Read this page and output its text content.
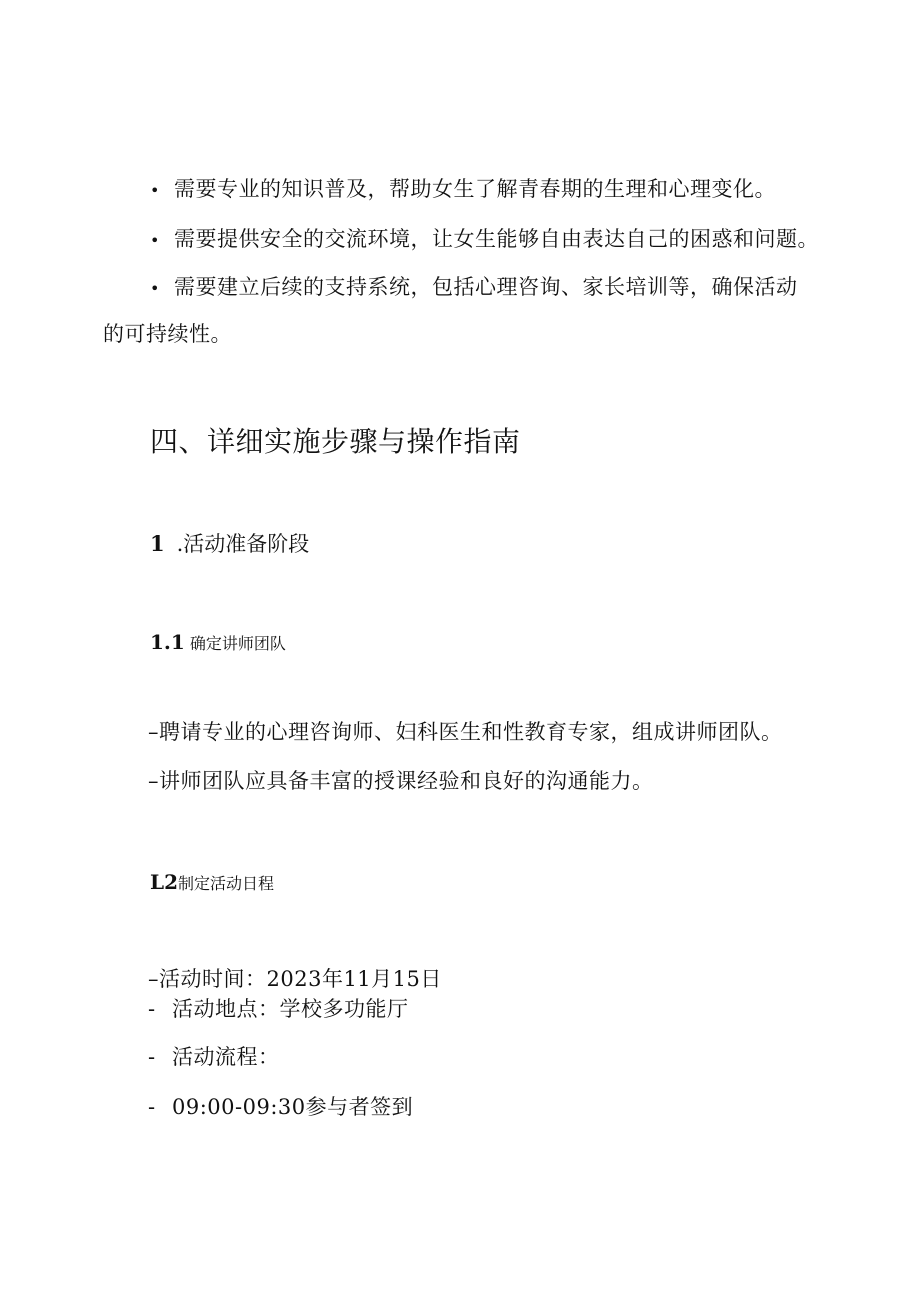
• 需要专业的知识普及，帮助女生了解青春期的生理和心理变化。
• 需要提供安全的交流环境，让女生能够自由表达自己的困惑和问题。
• 需要建立后续的支持系统，包括心理咨询、家长培训等，确保活动
的可持续性。
四、详细实施步骤与操作指南
1 .活动准备阶段
1.1 确定讲师团队
–聘请专业的心理咨询师、妇科医生和性教育专家，组成讲师团队。
–讲师团队应具备丰富的授课经验和良好的沟通能力。
L2制定活动日程
–活动时间：2023年11月15日
- 活动地点：学校多功能厅
- 活动流程：
- 09:00-09:30参与者签到
